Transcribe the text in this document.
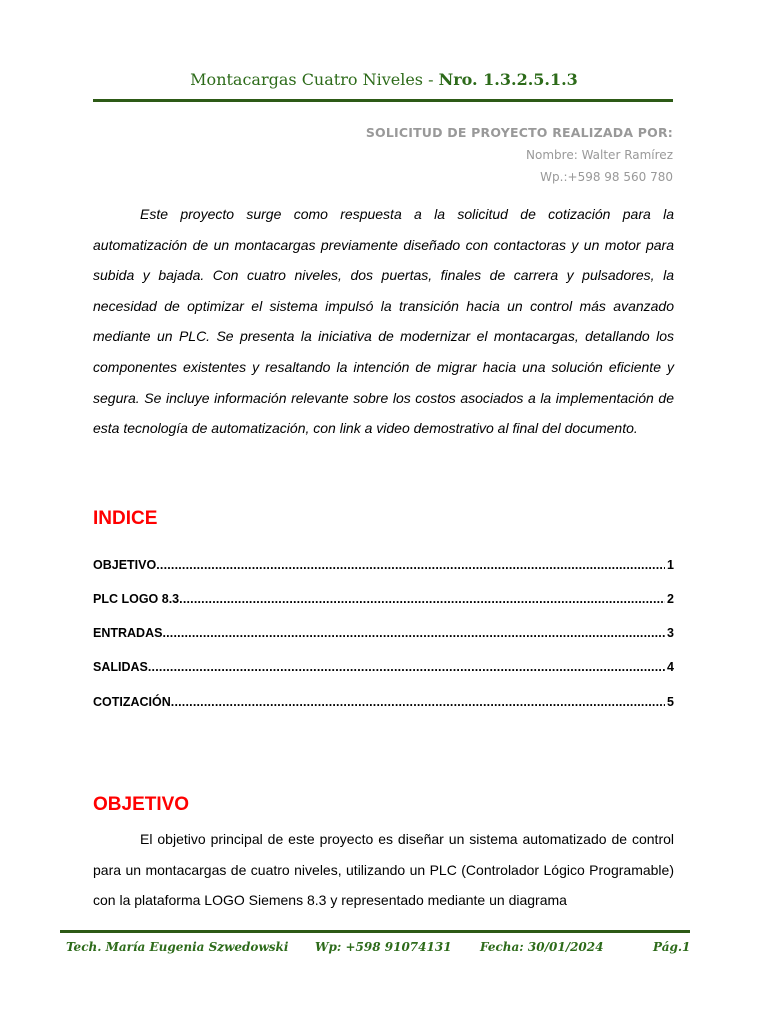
Montacargas Cuatro Niveles - Nro. 1.3.2.5.1.3
SOLICITUD DE PROYECTO REALIZADA POR:
Nombre: Walter Ramírez
Wp.:+598 98 560 780

Este proyecto surge como respuesta a la solicitud de cotización para la automatización de un montacargas previamente diseñado con contactoras y un motor para subida y bajada. Con cuatro niveles, dos puertas, finales de carrera y pulsadores, la necesidad de optimizar el sistema impulsó la transición hacia un control más avanzado mediante un PLC. Se presenta la iniciativa de modernizar el montacargas, detallando los componentes existentes y resaltando la intención de migrar hacia una solución eficiente y segura. Se incluye información relevante sobre los costos asociados a la implementación de esta tecnología de automatización, con link a video demostrativo al final del documento.

INDICE
OBJETIVO .....	1
PLC LOGO 8.3 .....	2
ENTRADAS .....	3
SALIDAS .....	4
COTIZACIÓN .....	5
OBJETIVO

El objetivo principal de este proyecto es diseñar un sistema automatizado de control para un montacargas de cuatro niveles, utilizando un PLC (Controlador Lógico Programable) con la plataforma LOGO Siemens 8.3 y representado mediante un diagrama

Tech. María Eugenia Szwedowski Wp: +598 91074131 Fecha: 30/01/2024	Pág.1
